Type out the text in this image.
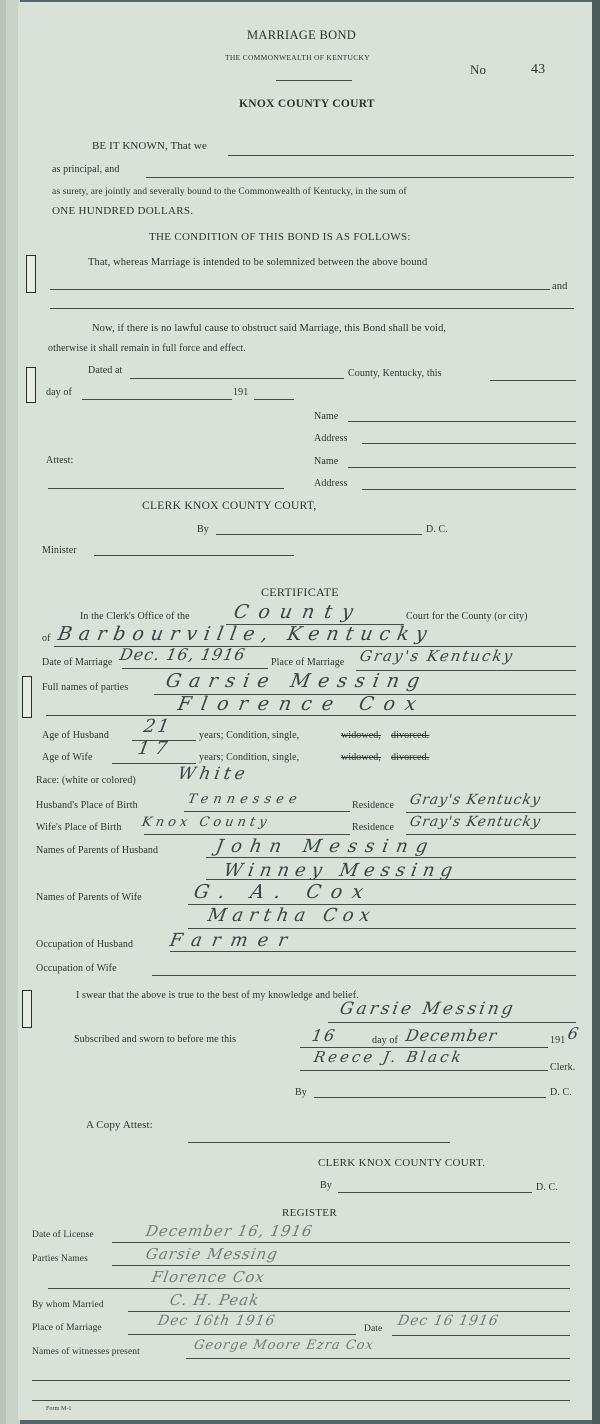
MARRIAGE BOND
THE COMMONWEALTH OF KENTUCKY
No	43
KNOX COUNTY COURT
BE IT KNOWN, That we
as principal, and
as surety, are jointly and severally bound to the Commonwealth of Kentucky, in the sum of
ONE HUNDRED DOLLARS.
THE CONDITION OF THIS BOND IS AS FOLLOWS:
That, whereas Marriage is intended to be solemnized between the above bound
and
Now, if there is no lawful cause to obstruct said Marriage, this Bond shall be void,
otherwise it shall remain in full force and effect.
Dated at	County, Kentucky, this
day of	191
Name
Address
Attest:	Name
Address
CLERK KNOX COUNTY COURT,
By	D. C.
Minister
CERTIFICATE
In the Clerk's Office of the County	Court for the County (or city)
of Barbourville, Kentucky
Date of Marriage Dec. 16, 1916 Place of Marriage Gray's Kentucky
Full names of parties Garsie Messing
Florence Cox
Age of Husband 21	years; Condition, single,	widowed, divorced.
Age of Wife 17 years; Condition, single,	widowed, divorced.
Race: (white or colored) White
Husband's Place of Birth	Tennessee	Residence Gray's Kentucky
Wife's Place of Birth Knox County	Residence Gray's Kentucky
Names of Parents of Husband	John Messing
Winney Messing
Names of Parents of Wife	G. A. Cox
Martha Cox
Occupation of Husband Farmer
Occupation of Wife
I swear that the above is true to the best of my knowledge and belief.
Garsie Messing
Subscribed and sworn to before me this	16	day of December	191 6
Reece J. Black
Clerk.
By	D. C.
A Copy Attest:
CLERK KNOX COUNTY COURT.
By	D. C.
REGISTER
Date of License	December 16, 1916
Parties Names	Garsie Messing
Florence Cox
By whom Married	C. H. Peak
Place of Marriage	Dec 16th 1916	Date Dec 16 1916
Names of witnesses present	George Moore Ezra Cox
Form M-1
